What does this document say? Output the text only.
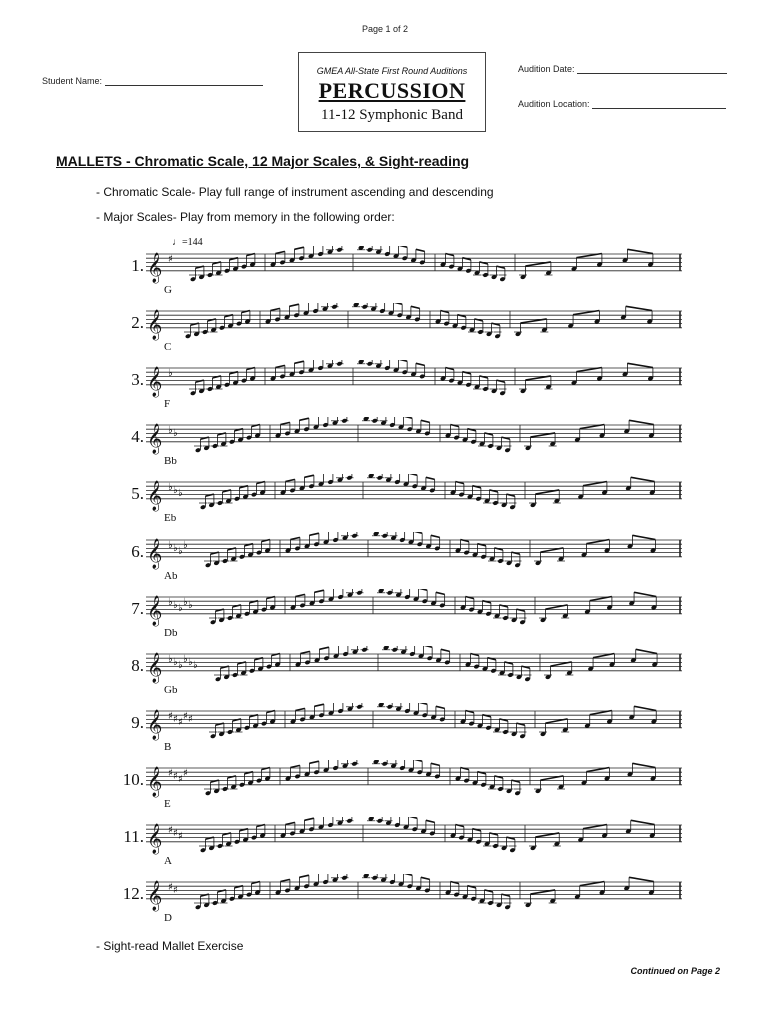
Page 1 of 2
Student Name:
GMEA All-State First Round Auditions
PERCUSSION
11-12 Symphonic Band
Audition Date:
Audition Location:
MALLETS - Chromatic Scale, 12 Major Scales, & Sight-reading
- Chromatic Scale- Play full range of instrument ascending and descending
- Major Scales- Play from memory in the following order:
♩=144
1. 𝄞 ♯
G
2. 𝄞
C
3. 𝄞 ♭
F
4. 𝄞 ♭ ♭
Bb
5. 𝄞 ♭ ♭ ♭
Eb
6. 𝄞 ♭ ♭ ♭
♭
Ab
7. 𝄞 ♭ ♭ ♭
♭ ♭
Db
8. 𝄞 ♭ ♭ ♭
♭ ♭ ♭
Gb
9. 𝄞 ♯ ♯ ♯
♯ ♯
B
10. 𝄞 ♯ ♯ ♯
♯
E
11. 𝄞 ♯ ♯ ♯
A
12. 𝄞 ♯ ♯
D
- Sight-read Mallet Exercise
Continued on Page 2
